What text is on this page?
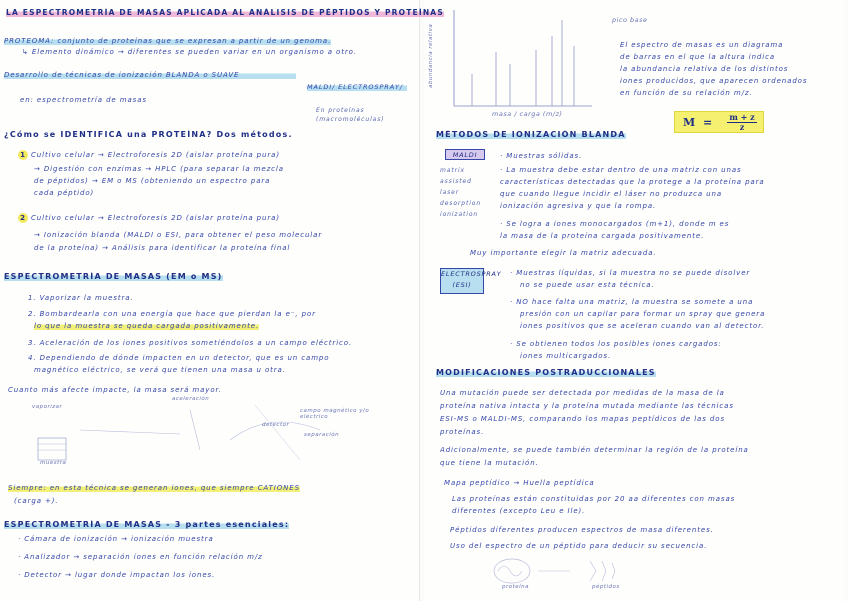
LA ESPECTROMETRÍA DE MASAS APLICADA AL ANÁLISIS DE PÉPTIDOS Y PROTEÍNAS
PROTEOMA: conjunto de proteínas que se expresan a partir de un genoma.
↳ Elemento dinámico → diferentes se pueden variar en un organismo a otro.
Desarrollo de técnicas de ionización BLANDA o SUAVE
en: espectrometría de masas
MALDI/ ELECTROSPRAY/
En proteínas (macromoléculas)
¿Cómo se IDENTIFICA una PROTEÍNA? Dos métodos.
1 Cultivo celular → Electroforesis 2D (aislar proteína pura)
→ Digestión con enzimas → HPLC (para separar la mezcla
de péptidos) → EM o MS (obteniendo un espectro para
cada péptido)
2 Cultivo celular → Electroforesis 2D (aislar proteína pura)
→ Ionización blanda (MALDI o ESI, para obtener el peso molecular
de la proteína) → Análisis para identificar la proteína final
ESPECTROMETRÍA DE MASAS (EM o MS)
1. Vaporizar la muestra.
2. Bombardearla con una energía que hace que pierdan la e⁻, por
lo que la muestra se queda cargada positivamente.
3. Aceleración de los iones positivos sometiéndolos a un campo eléctrico.
4. Dependiendo de dónde impacten en un detector, que es un campo
magnético eléctrico, se verá que tienen una masa u otra.
Cuanto más afecte impacte, la masa será mayor.
vaporizar
aceleración
campo magnético y/o eléctrico
muestra
detector
separación
Siempre: en esta técnica se generan iones, que siempre CATIONES
(carga +).
ESPECTROMETRÍA DE MASAS - 3 partes esenciales:
· Cámara de ionización → ionización muestra
· Analizador → separación iones en función relación m/z
· Detector → lugar donde impactan los iones.
pico base
masa / carga (m/z)
abundancia relativa	El espectro de masas es un diagrama
de barras en el que la altura indica
la abundancia relativa de los distintos
iones producidos, que aparecen ordenados
en función de su relación m/z.
M =	m + z
z
MÉTODOS DE IONIZACIÓN BLANDA
MALDI
matrix
assisted
laser
desorption
ionization
· Muestras sólidas.
· La muestra debe estar dentro de una matriz con unas
características detectadas que la protege a la proteína para
que cuando llegue incidir el láser no produzca una
ionización agresiva y que la rompa.
· Se logra a iones monocargados (m+1), donde m es
la masa de la proteína cargada positivamente.
Muy importante elegir la matriz adecuada.
ELECTROSPRAY (ESI)
· Muestras líquidas, si la muestra no se puede disolver
no se puede usar esta técnica.
· NO hace falta una matriz, la muestra se somete a una
presión con un capilar para formar un spray que genera
iones positivos que se aceleran cuando van al detector.
· Se obtienen todos los posibles iones cargados:
iones multicargados.
MODIFICACIONES POSTRADUCCIONALES
Una mutación puede ser detectada por medidas de la masa de la
proteína nativa intacta y la proteína mutada mediante las técnicas
ESI-MS o MALDI-MS, comparando los mapas peptídicos de las dos
proteínas.
Adicionalmente, se puede también determinar la región de la proteína
que tiene la mutación.
Mapa peptídico → Huella peptídica
Las proteínas están constituidas por 20 aa diferentes con masas
diferentes (excepto Leu e Ile).
Péptidos diferentes producen espectros de masa diferentes.
Uso del espectro de un péptido para deducir su secuencia.
proteína	péptidos
